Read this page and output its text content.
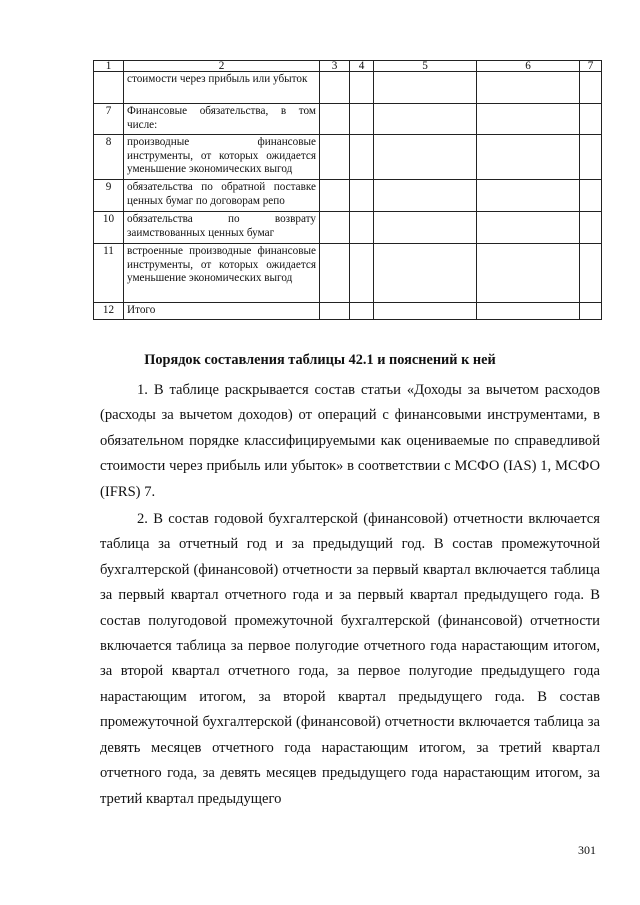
1	2	3	4	5	6	7
	стоимости через прибыль или убыток					
7	Финансовые обязательства, в том числе:					
8	производные финансовые инструменты, от которых ожидается уменьшение экономических выгод					
9	обязательства по обратной поставке ценных бумаг по договорам репо					
10	обязательства по возврату заимствованных ценных бумаг					
11	встроенные производные финансовые инструменты, от которых ожидается уменьшение экономических выгод					
12	Итого					
Порядок составления таблицы 42.1 и пояснений к ней

1. В таблице раскрывается состав статьи «Доходы за вычетом расходов (расходы за вычетом доходов) от операций с финансовыми инструментами, в обязательном порядке классифицируемыми как оцениваемые по справедливой стоимости через прибыль или убыток» в соответствии с МСФО (IAS) 1, МСФО (IFRS) 7.

2. В состав годовой бухгалтерской (финансовой) отчетности включается таблица за отчетный год и за предыдущий год. В состав промежуточной бухгалтерской (финансовой) отчетности за первый квартал включается таблица за первый квартал отчетного года и за первый квартал предыдущего года. В состав полугодовой промежуточной бухгалтерской (финансовой) отчетности включается таблица за первое полугодие отчетного года нарастающим итогом, за второй квартал отчетного года, за первое полугодие предыдущего года нарастающим итогом, за второй квартал предыдущего года. В состав промежуточной бухгалтерской (финансовой) отчетности включается таблица за девять месяцев отчетного года нарастающим итогом, за третий квартал отчетного года, за девять месяцев предыдущего года нарастающим итогом, за третий квартал предыдущего

301
